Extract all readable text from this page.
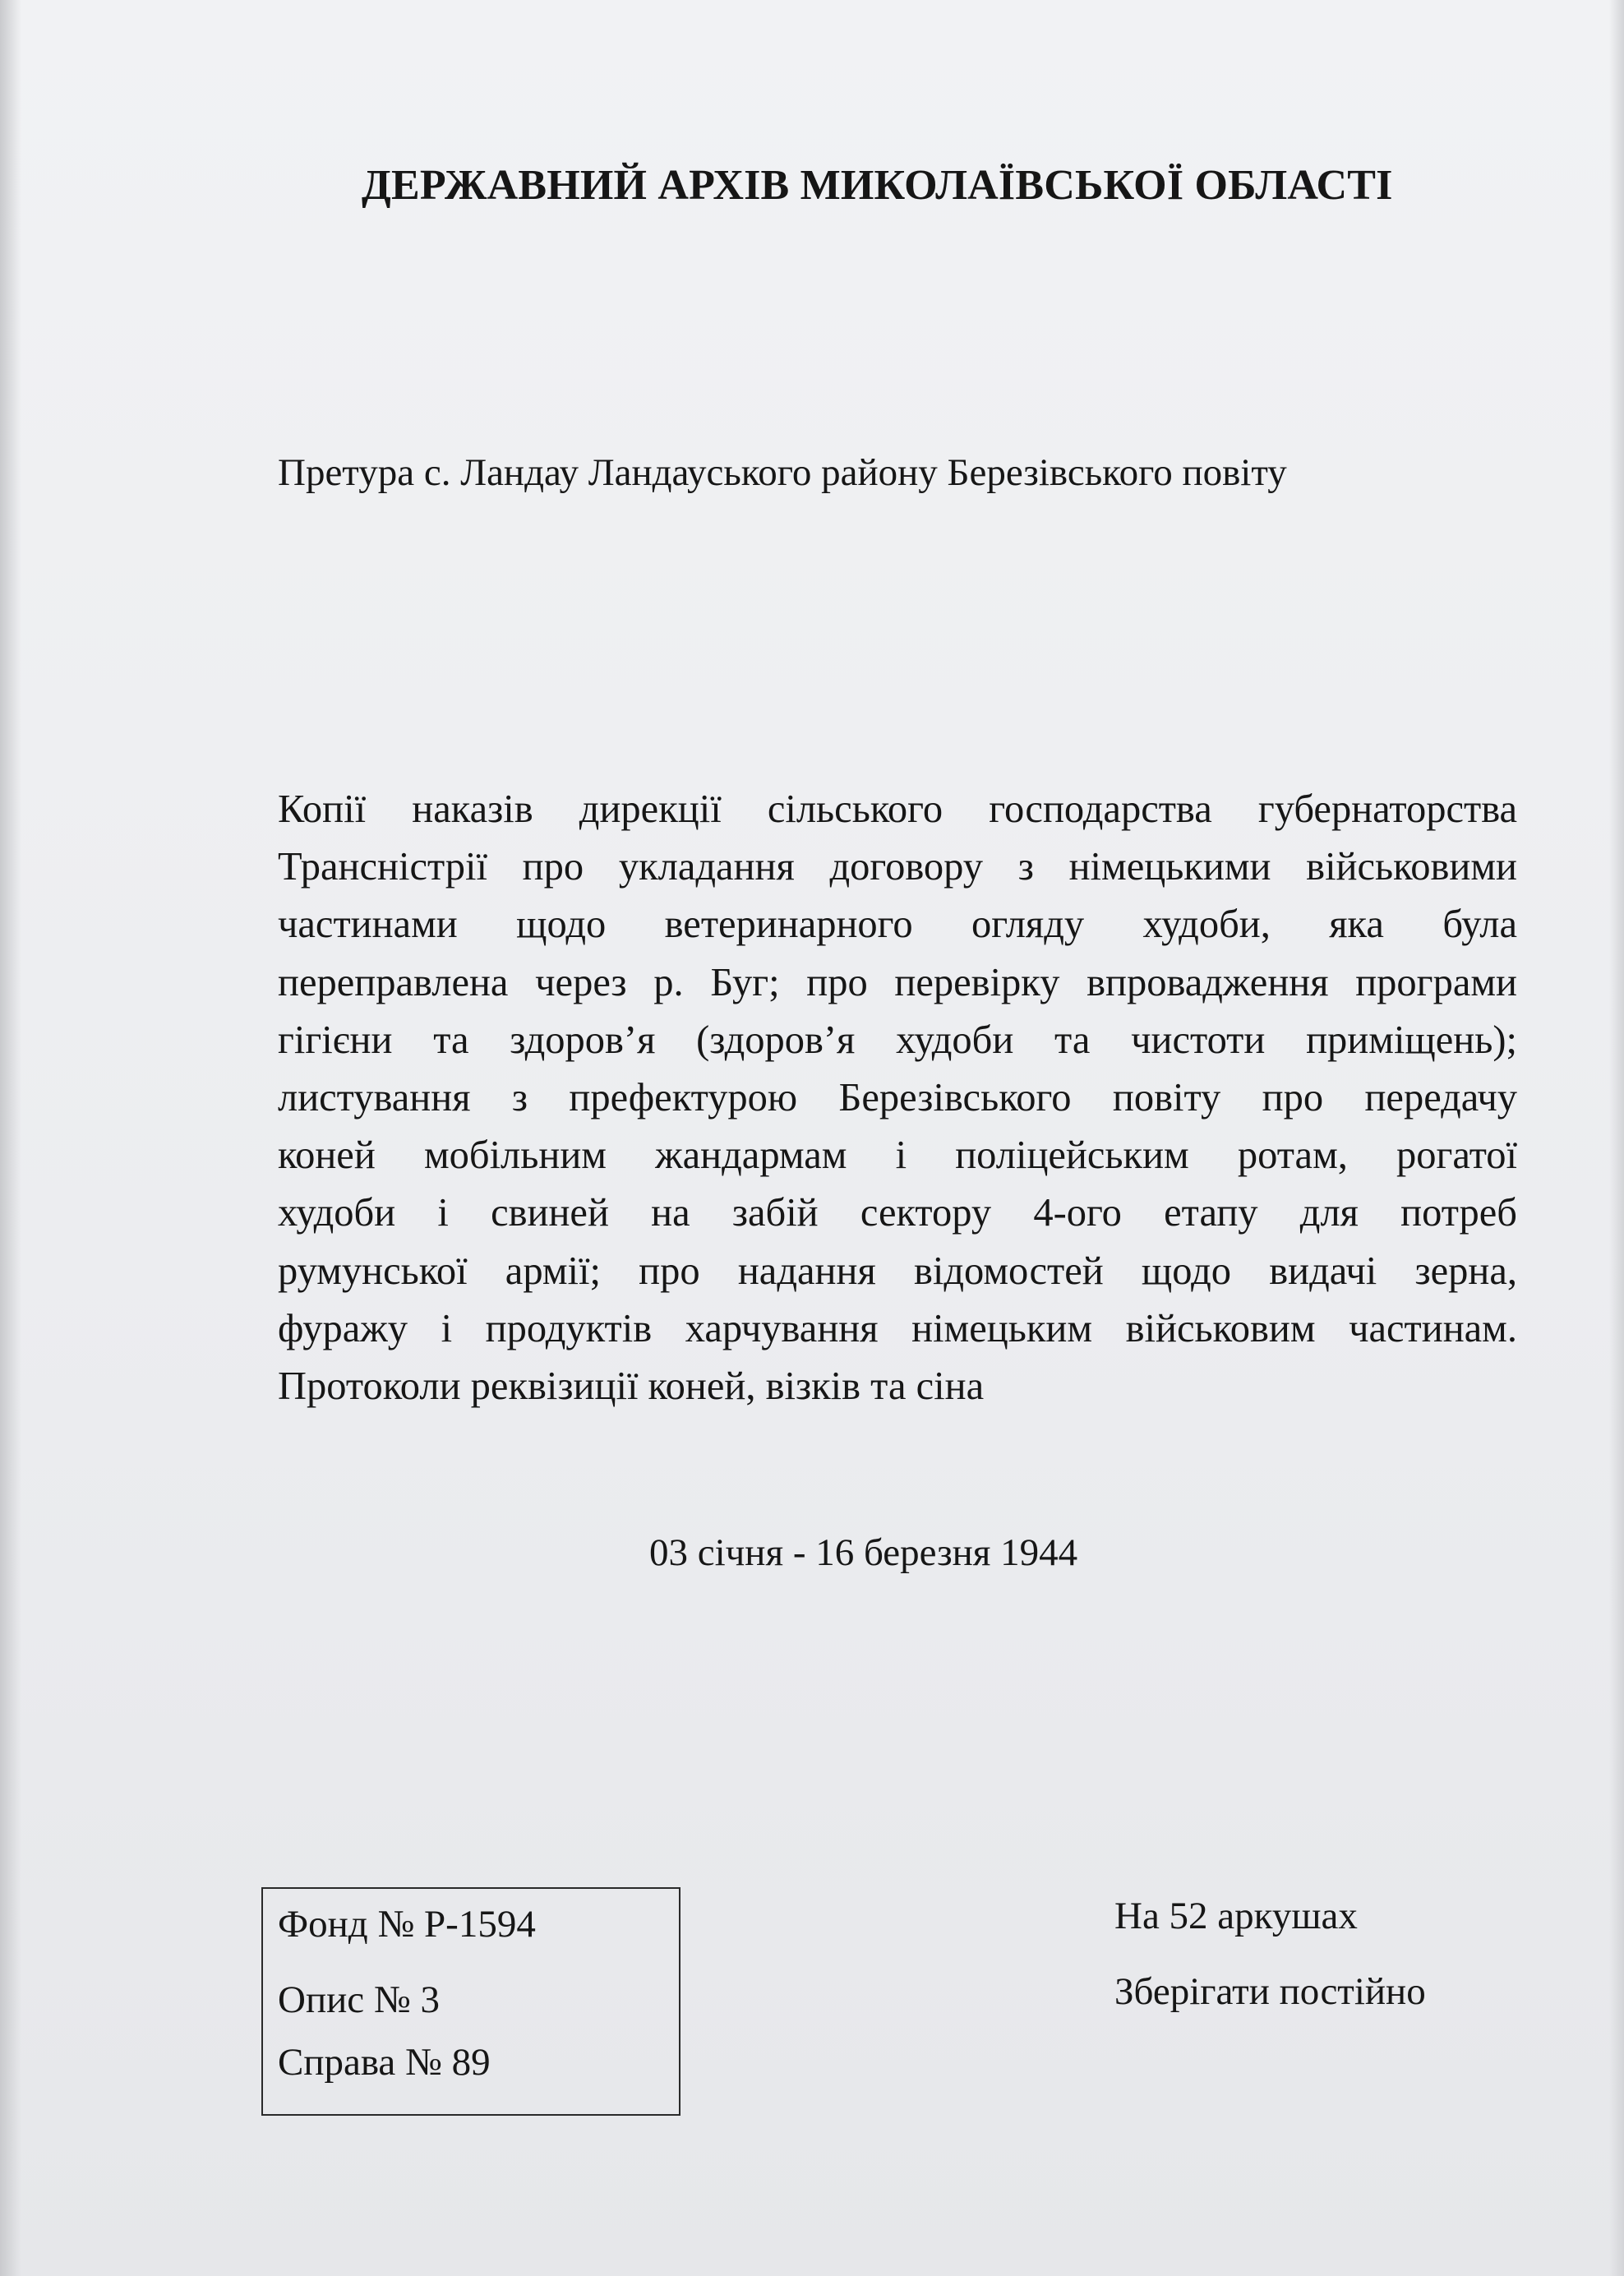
ДЕРЖАВНИЙ АРХІВ МИКОЛАЇВСЬКОЇ ОБЛАСТІ

Претура с. Ландау Ландауського району Березівського повіту

Копії наказів дирекції сільського господарства губернаторства
Трансністрії про укладання договору з німецькими військовими
частинами щодо ветеринарного огляду худоби, яка була
переправлена через р. Буг; про перевірку впровадження програми
гігієни та здоров’я (здоров’я худоби та чистоти приміщень);
листування з префектурою Березівського повіту про передачу
коней мобільним жандармам і поліцейським ротам, рогатої
худоби і свиней на забій сектору 4-ого етапу для потреб
румунської армії; про надання відомостей щодо видачі зерна,
фуражу і продуктів харчування німецьким військовим частинам.
Протоколи реквізиції коней, візків та сіна

03 січня - 16 березня 1944

Фонд № Р-1594

Опис № 3

Справа № 89

На 52 аркушах

Зберігати постійно
